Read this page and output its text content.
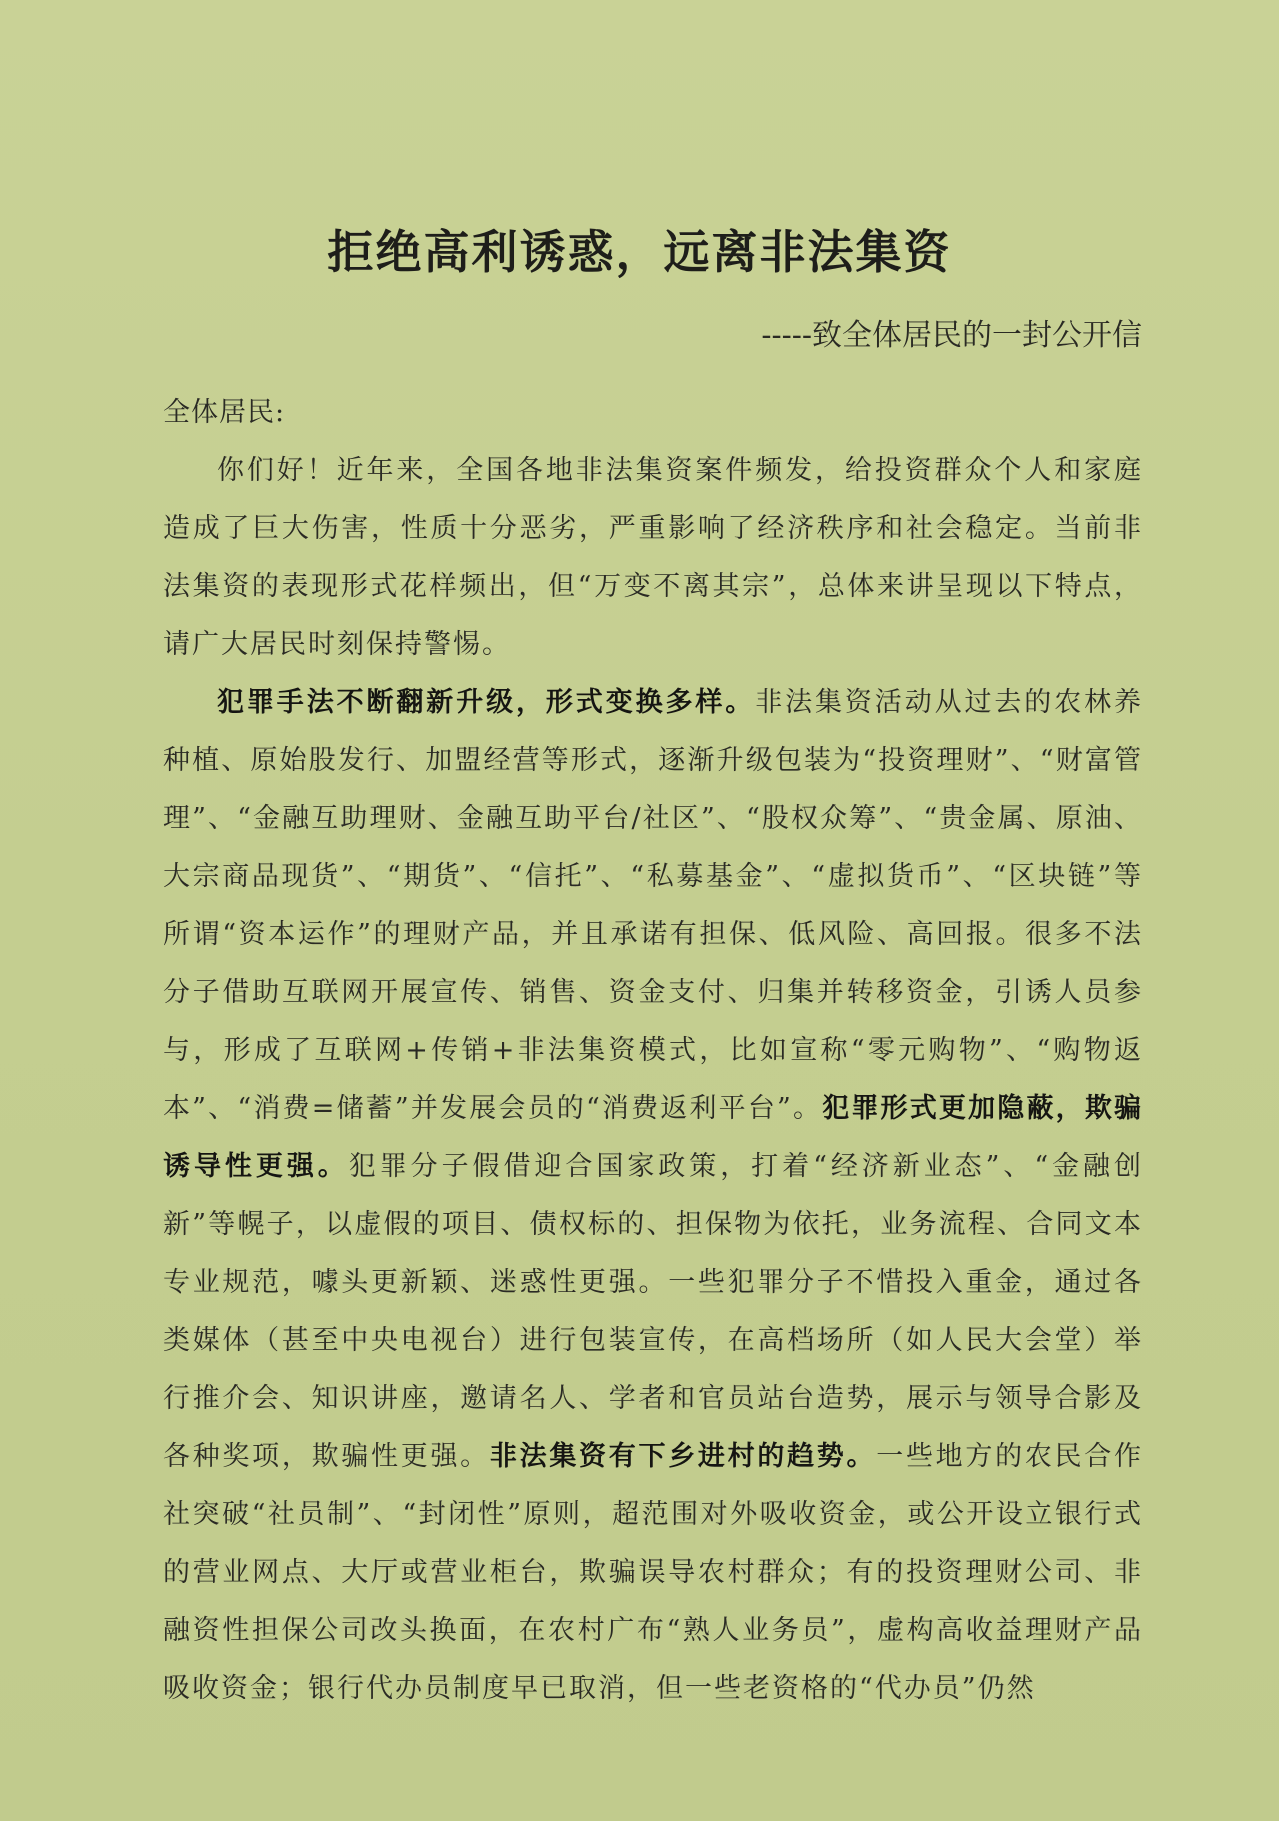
拒绝高利诱惑，远离非法集资
-----致全体居民的一封公开信

全体居民:

你们好！近年来，全国各地非法集资案件频发，给投资群众个人和家庭造成了巨大伤害，性质十分恶劣，严重影响了经济秩序和社会稳定。当前非法集资的表现形式花样频出，但“万变不离其宗”，总体来讲呈现以下特点，请广大居民时刻保持警惕。

犯罪手法不断翻新升级，形式变换多样。非法集资活动从过去的农林养种植、原始股发行、加盟经营等形式，逐渐升级包装为“投资理财”、“财富管理”、“金融互助理财、金融互助平台/社区”、“股权众筹”、“贵金属、原油、大宗商品现货”、“期货”、“信托”、“私募基金”、“虚拟货币”、“区块链”等所谓“资本运作”的理财产品，并且承诺有担保、低风险、高回报。很多不法分子借助互联网开展宣传、销售、资金支付、归集并转移资金，引诱人员参与，形成了互联网+传销+非法集资模式，比如宣称“零元购物”、“购物返本”、“消费=储蓄”并发展会员的“消费返利平台”。犯罪形式更加隐蔽，欺骗诱导性更强。犯罪分子假借迎合国家政策，打着“经济新业态”、“金融创新”等幌子，以虚假的项目、债权标的、担保物为依托，业务流程、合同文本专业规范，噱头更新颖、迷惑性更强。一些犯罪分子不惜投入重金，通过各类媒体（甚至中央电视台）进行包装宣传，在高档场所（如人民大会堂）举行推介会、知识讲座，邀请名人、学者和官员站台造势，展示与领导合影及各种奖项，欺骗性更强。非法集资有下乡进村的趋势。一些地方的农民合作社突破“社员制”、“封闭性”原则，超范围对外吸收资金，或公开设立银行式的营业网点、大厅或营业柜台，欺骗误导农村群众；有的投资理财公司、非融资性担保公司改头换面，在农村广布“熟人业务员”，虚构高收益理财产品吸收资金；银行代办员制度早已取消，但一些老资格的“代办员”仍然
